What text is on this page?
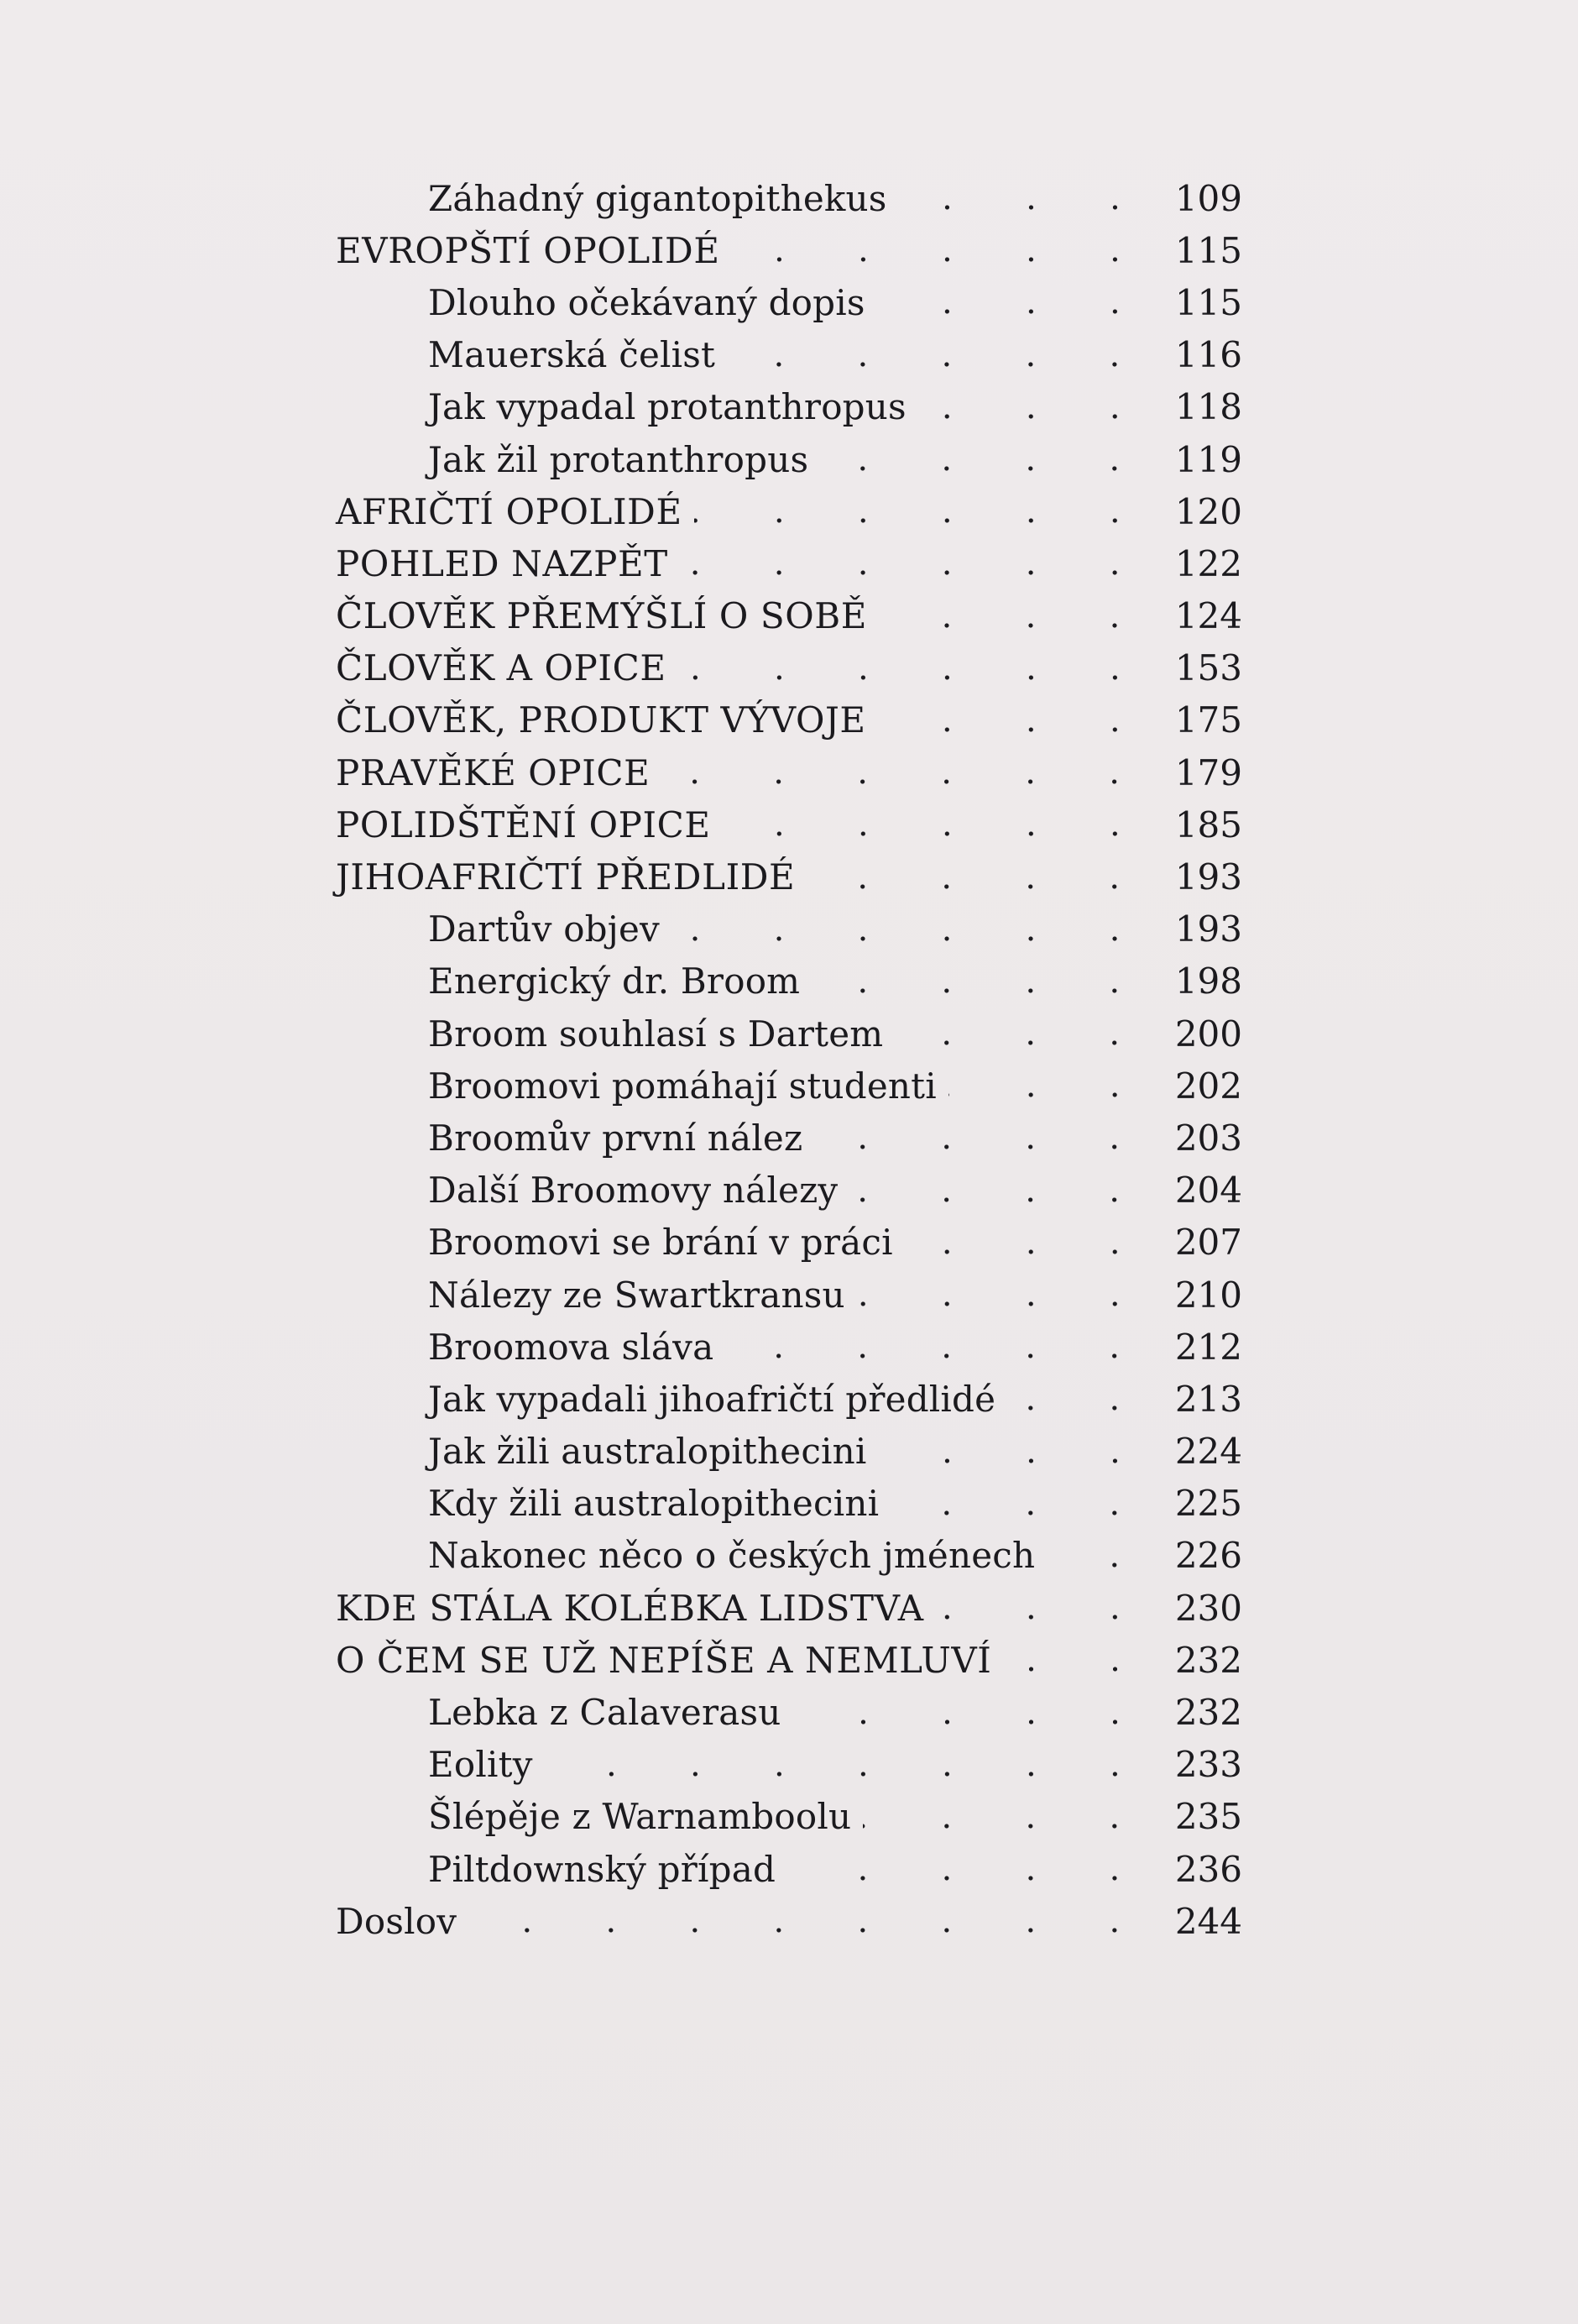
Záhadný gigantopithekus	109
EVROPŠTÍ OPOLIDÉ	115
Dlouho očekávaný dopis	115
Mauerská čelist	116
Jak vypadal protanthropus	118
Jak žil protanthropus	119
AFRIČTÍ OPOLIDÉ	120
POHLED NAZPĚT	122
ČLOVĚK PŘEMÝŠLÍ O SOBĚ	124
ČLOVĚK A OPICE	153
ČLOVĚK, PRODUKT VÝVOJE	175
PRAVĚKÉ OPICE	179
POLIDŠTĚNÍ OPICE	185
JIHOAFRIČTÍ PŘEDLIDÉ	193
Dartův objev	193
Energický dr. Broom	198
Broom souhlasí s Dartem	200
Broomovi pomáhají studenti	202
Broomův první nález	203
Další Broomovy nálezy	204
Broomovi se brání v práci	207
Nálezy ze Swartkransu	210
Broomova sláva	212
Jak vypadali jihoafričtí předlidé	213
Jak žili australopithecini	224
Kdy žili australopithecini	225
Nakonec něco o českých jménech	226
KDE STÁLA KOLÉBKA LIDSTVA	230
O ČEM SE UŽ NEPÍŠE A NEMLUVÍ	232
Lebka z Calaverasu	232
Eolity	233
Šlépěje z Warnamboolu	235
Piltdownský případ	236
Doslov	244
